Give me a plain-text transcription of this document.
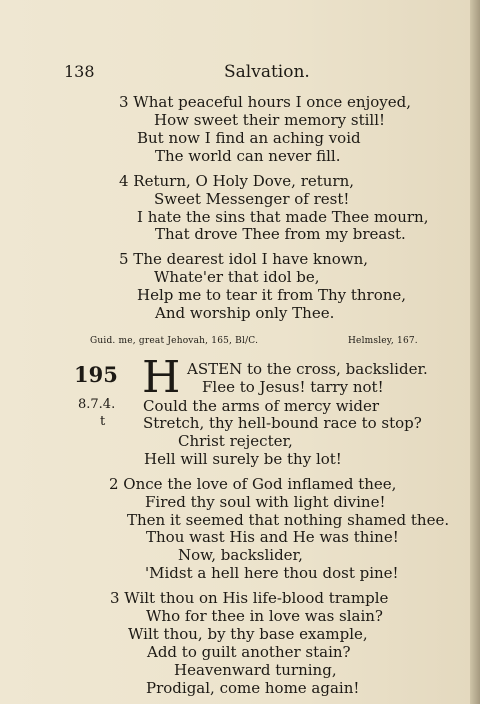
138	Salvation.
3 What peaceful hours I once enjoyed,
How sweet their memory still!
But now I find an aching void
The world can never fill.
4 Return, O Holy Dove, return,
Sweet Messenger of rest!
I hate the sins that made Thee mourn,
That drove Thee from my breast.
5 The dearest idol I have known,
Whate'er that idol be,
Help me to tear it from Thy throne,
And worship only Thee.
Guid. me, great Jehovah, 165, Bl/C.	Helmsley, 167.
195
8.7.4.
t
H ASTEN to the cross, backslider.
Flee to Jesus! tarry not!
Could the arms of mercy wider
Stretch, thy hell-bound race to stop?
Christ rejecter,
Hell will surely be thy lot!
2 Once the love of God inflamed thee,
Fired thy soul with light divine!
Then it seemed that nothing shamed thee.
Thou wast His and He was thine!
Now, backslider,
'Midst a hell here thou dost pine!
3 Wilt thou on His life-blood trample
Who for thee in love was slain?
Wilt thou, by thy base example,
Add to guilt another stain?
Heavenward turning,
Prodigal, come home again!
